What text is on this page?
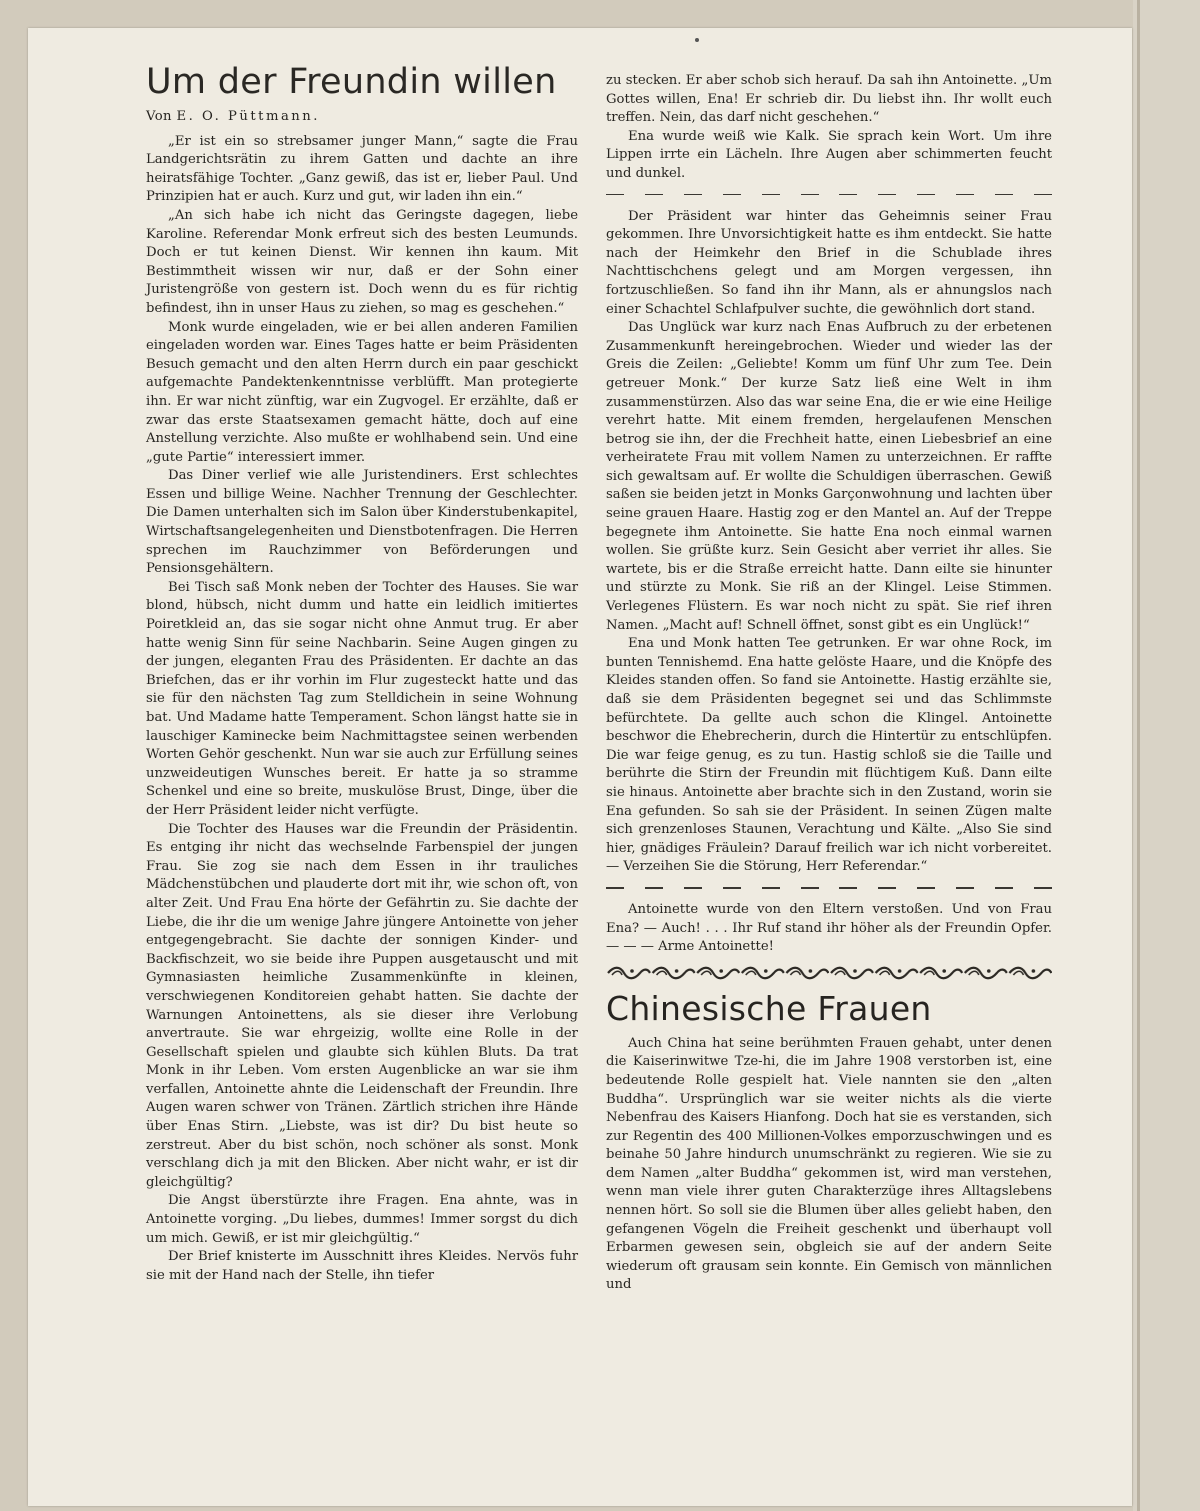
Um der Freundin willen
Von E. O. Püttmann.

„Er ist ein so strebsamer junger Mann,“ sagte die Frau Landgerichtsrätin zu ihrem Gatten und dachte an ihre heiratsfähige Tochter. „Ganz gewiß, das ist er, lieber Paul. Und Prinzipien hat er auch. Kurz und gut, wir laden ihn ein.“

„An sich habe ich nicht das Geringste dagegen, liebe Karoline. Referendar Monk erfreut sich des besten Leumunds. Doch er tut keinen Dienst. Wir kennen ihn kaum. Mit Bestimmtheit wissen wir nur, daß er der Sohn einer Juristengröße von gestern ist. Doch wenn du es für richtig befindest, ihn in unser Haus zu ziehen, so mag es geschehen.“

Monk wurde eingeladen, wie er bei allen anderen Familien eingeladen worden war. Eines Tages hatte er beim Präsidenten Besuch gemacht und den alten Herrn durch ein paar geschickt aufgemachte Pandektenkenntnisse verblüfft. Man protegierte ihn. Er war nicht zünftig, war ein Zugvogel. Er erzählte, daß er zwar das erste Staatsexamen gemacht hätte, doch auf eine Anstellung verzichte. Also mußte er wohlhabend sein. Und eine „gute Partie“ interessiert immer.

Das Diner verlief wie alle Juristendiners. Erst schlechtes Essen und billige Weine. Nachher Trennung der Geschlechter. Die Damen unterhalten sich im Salon über Kinderstubenkapitel, Wirtschaftsangelegenheiten und Dienstbotenfragen. Die Herren sprechen im Rauchzimmer von Beförderungen und Pensionsgehältern.

Bei Tisch saß Monk neben der Tochter des Hauses. Sie war blond, hübsch, nicht dumm und hatte ein leidlich imitiertes Poiretkleid an, das sie sogar nicht ohne Anmut trug. Er aber hatte wenig Sinn für seine Nachbarin. Seine Augen gingen zu der jungen, eleganten Frau des Präsidenten. Er dachte an das Briefchen, das er ihr vorhin im Flur zugesteckt hatte und das sie für den nächsten Tag zum Stelldichein in seine Wohnung bat. Und Madame hatte Temperament. Schon längst hatte sie in lauschiger Kaminecke beim Nachmittagstee seinen werbenden Worten Gehör geschenkt. Nun war sie auch zur Erfüllung seines unzweideutigen Wunsches bereit. Er hatte ja so stramme Schenkel und eine so breite, muskulöse Brust, Dinge, über die der Herr Präsident leider nicht verfügte.

Die Tochter des Hauses war die Freundin der Präsidentin. Es entging ihr nicht das wechselnde Farbenspiel der jungen Frau. Sie zog sie nach dem Essen in ihr trauliches Mädchenstübchen und plauderte dort mit ihr, wie schon oft, von alter Zeit. Und Frau Ena hörte der Gefährtin zu. Sie dachte der Liebe, die ihr die um wenige Jahre jüngere Antoinette von jeher entgegengebracht. Sie dachte der sonnigen Kinder- und Backfischzeit, wo sie beide ihre Puppen ausgetauscht und mit Gymnasiasten heimliche Zusammenkünfte in kleinen, verschwiegenen Konditoreien gehabt hatten. Sie dachte der Warnungen Antoinettens, als sie dieser ihre Verlobung anvertraute. Sie war ehrgeizig, wollte eine Rolle in der Gesellschaft spielen und glaubte sich kühlen Bluts. Da trat Monk in ihr Leben. Vom ersten Augenblicke an war sie ihm verfallen, Antoinette ahnte die Leidenschaft der Freundin. Ihre Augen waren schwer von Tränen. Zärtlich strichen ihre Hände über Enas Stirn. „Liebste, was ist dir? Du bist heute so zerstreut. Aber du bist schön, noch schöner als sonst. Monk verschlang dich ja mit den Blicken. Aber nicht wahr, er ist dir gleichgültig?

Die Angst überstürzte ihre Fragen. Ena ahnte, was in Antoinette vorging. „Du liebes, dummes! Immer sorgst du dich um mich. Gewiß, er ist mir gleichgültig.“

Der Brief knisterte im Ausschnitt ihres Kleides. Nervös fuhr sie mit der Hand nach der Stelle, ihn tiefer

zu stecken. Er aber schob sich herauf. Da sah ihn Antoinette. „Um Gottes willen, Ena! Er schrieb dir. Du liebst ihn. Ihr wollt euch treffen. Nein, das darf nicht geschehen.“

Ena wurde weiß wie Kalk. Sie sprach kein Wort. Um ihre Lippen irrte ein Lächeln. Ihre Augen aber schimmerten feucht und dunkel.

Der Präsident war hinter das Geheimnis seiner Frau gekommen. Ihre Unvorsichtigkeit hatte es ihm entdeckt. Sie hatte nach der Heimkehr den Brief in die Schublade ihres Nachttischchens gelegt und am Morgen vergessen, ihn fortzuschließen. So fand ihn ihr Mann, als er ahnungslos nach einer Schachtel Schlafpulver suchte, die gewöhnlich dort stand.

Das Unglück war kurz nach Enas Aufbruch zu der erbetenen Zusammenkunft hereingebrochen. Wieder und wieder las der Greis die Zeilen: „Geliebte! Komm um fünf Uhr zum Tee. Dein getreuer Monk.“ Der kurze Satz ließ eine Welt in ihm zusammenstürzen. Also das war seine Ena, die er wie eine Heilige verehrt hatte. Mit einem fremden, hergelaufenen Menschen betrog sie ihn, der die Frechheit hatte, einen Liebesbrief an eine verheiratete Frau mit vollem Namen zu unterzeichnen. Er raffte sich gewaltsam auf. Er wollte die Schuldigen überraschen. Gewiß saßen sie beiden jetzt in Monks Garçonwohnung und lachten über seine grauen Haare. Hastig zog er den Mantel an. Auf der Treppe begegnete ihm Antoinette. Sie hatte Ena noch einmal warnen wollen. Sie grüßte kurz. Sein Gesicht aber verriet ihr alles. Sie wartete, bis er die Straße erreicht hatte. Dann eilte sie hinunter und stürzte zu Monk. Sie riß an der Klingel. Leise Stimmen. Verlegenes Flüstern. Es war noch nicht zu spät. Sie rief ihren Namen. „Macht auf! Schnell öffnet, sonst gibt es ein Unglück!“

Ena und Monk hatten Tee getrunken. Er war ohne Rock, im bunten Tennishemd. Ena hatte gelöste Haare, und die Knöpfe des Kleides standen offen. So fand sie Antoinette. Hastig erzählte sie, daß sie dem Präsidenten begegnet sei und das Schlimmste befürchtete. Da gellte auch schon die Klingel. Antoinette beschwor die Ehebrecherin, durch die Hintertür zu entschlüpfen. Die war feige genug, es zu tun. Hastig schloß sie die Taille und berührte die Stirn der Freundin mit flüchtigem Kuß. Dann eilte sie hinaus. Antoinette aber brachte sich in den Zustand, worin sie Ena gefunden. So sah sie der Präsident. In seinen Zügen malte sich grenzenloses Staunen, Verachtung und Kälte. „Also Sie sind hier, gnädiges Fräulein? Darauf freilich war ich nicht vorbereitet. — Verzeihen Sie die Störung, Herr Referendar.“

Antoinette wurde von den Eltern verstoßen. Und von Frau Ena? — Auch! . . . Ihr Ruf stand ihr höher als der Freundin Opfer. — — — Arme Antoinette!

Chinesische Frauen

Auch China hat seine berühmten Frauen gehabt, unter denen die Kaiserinwitwe Tze-hi, die im Jahre 1908 verstorben ist, eine bedeutende Rolle gespielt hat. Viele nannten sie den „alten Buddha“. Ursprünglich war sie weiter nichts als die vierte Nebenfrau des Kaisers Hianfong. Doch hat sie es verstanden, sich zur Regentin des 400 Millionen-Volkes emporzuschwingen und es beinahe 50 Jahre hindurch unumschränkt zu regieren. Wie sie zu dem Namen „alter Buddha“ gekommen ist, wird man verstehen, wenn man viele ihrer guten Charakterzüge ihres Alltagslebens nennen hört. So soll sie die Blumen über alles geliebt haben, den gefangenen Vögeln die Freiheit geschenkt und überhaupt voll Erbarmen gewesen sein, obgleich sie auf der andern Seite wiederum oft grausam sein konnte. Ein Gemisch von männlichen und
